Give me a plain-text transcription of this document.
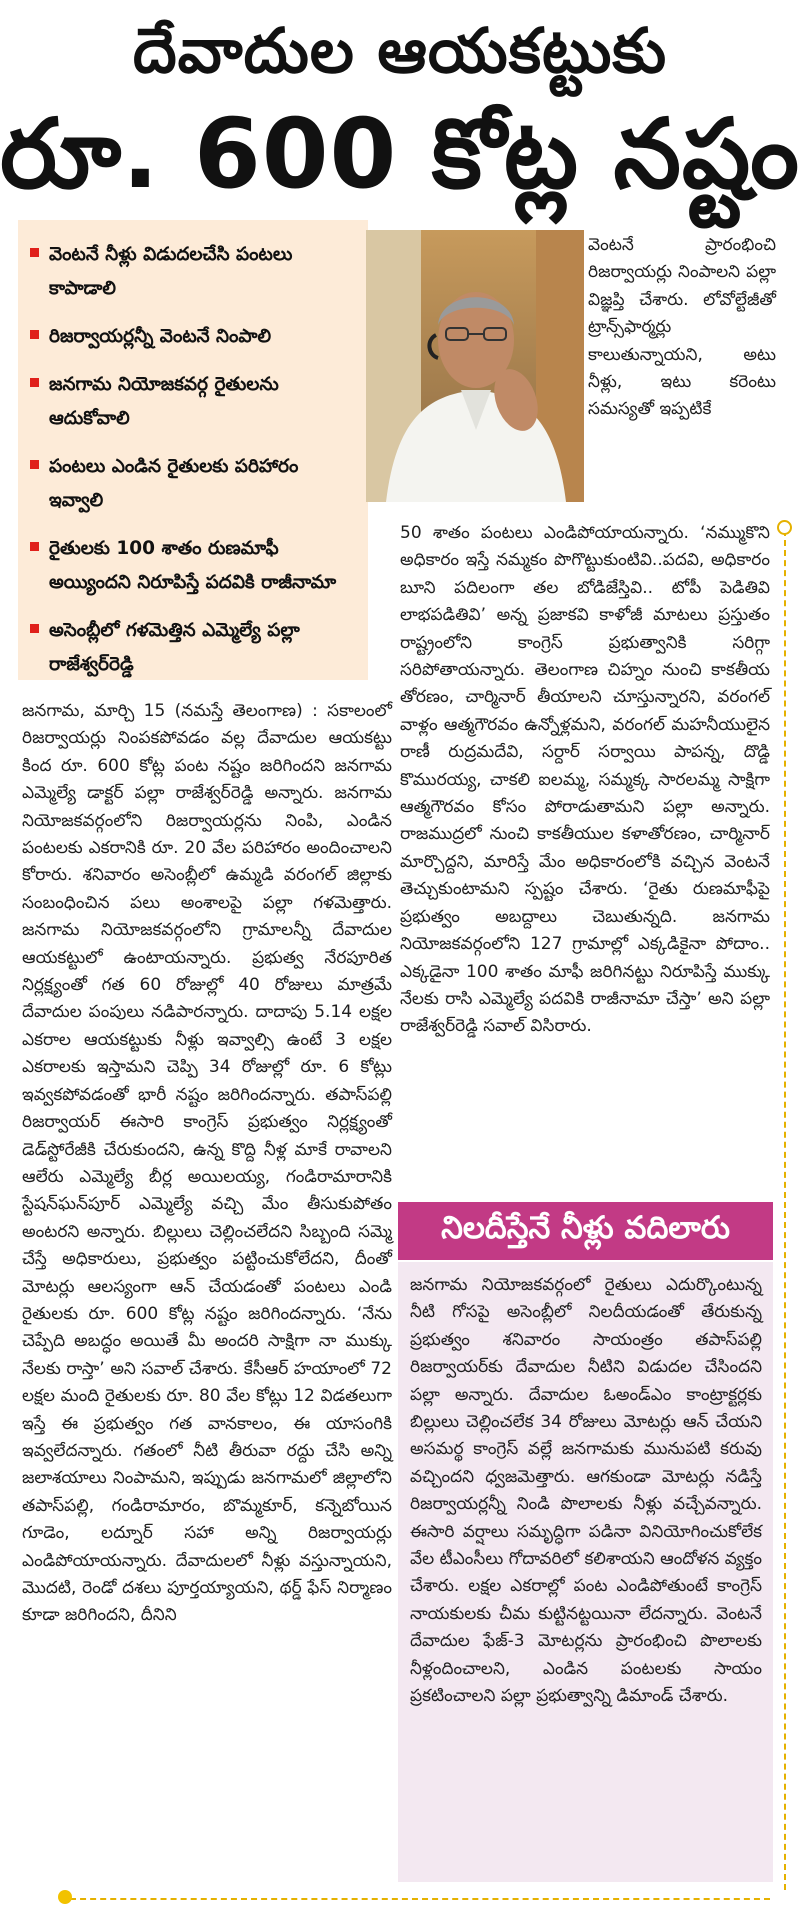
దేవాదుల ఆయకట్టుకు
రూ. 600 కోట్ల నష్టం
వెంటనే నీళ్లు విడుదలచేసి పంటలు కాపాడాలి
రిజర్వాయర్లన్నీ వెంటనే నింపాలి
జనగామ నియోజకవర్గ రైతులను ఆదుకోవాలి
పంటలు ఎండిన రైతులకు పరిహారం ఇవ్వాలి
రైతులకు 100 శాతం రుణమాఫీ అయ్యిందని నిరూపిస్తే పదవికి రాజీనామా
అసెంబ్లీలో గళమెత్తిన ఎమ్మెల్యే పల్లా రాజేశ్వర్‌రెడ్డి

వెంటనే ప్రారంభించి రిజర్వాయర్లు నింపాలని పల్లా విజ్ఞప్తి చేశారు. లోవోల్టేజీతో ట్రాన్స్‌ఫార్మర్లు కాలుతున్నాయని, అటు నీళ్లు, ఇటు కరెంటు సమస్యతో ఇప్పటికే

జనగామ, మార్చి 15 (నమస్తే తెలంగాణ) : సకాలంలో రిజర్వాయర్లు నింపకపోవడం వల్ల దేవాదుల ఆయకట్టు కింద రూ. 600 కోట్ల పంట నష్టం జరిగిందని జనగామ ఎమ్మెల్యే డాక్టర్ పల్లా రాజేశ్వర్‌రెడ్డి అన్నారు. జనగామ నియోజకవర్గంలోని రిజర్వాయర్లను నింపి, ఎండిన పంటలకు ఎకరానికి రూ. 20 వేల పరిహారం అందించాలని కోరారు. శనివారం అసెంబ్లీలో ఉమ్మడి వరంగల్ జిల్లాకు సంబంధించిన పలు అంశాలపై పల్లా గళమెత్తారు. జనగామ నియోజకవర్గంలోని గ్రామాలన్నీ దేవాదుల ఆయకట్టులో ఉంటాయన్నారు. ప్రభుత్వ నేరపూరిత నిర్లక్ష్యంతో గత 60 రోజుల్లో 40 రోజులు మాత్రమే దేవాదుల పంపులు నడిపారన్నారు. దాదాపు 5.14 లక్షల ఎకరాల ఆయకట్టుకు నీళ్లు ఇవ్వాల్సి ఉంటే 3 లక్షల ఎకరాలకు ఇస్తామని చెప్పి 34 రోజుల్లో రూ. 6 కోట్లు ఇవ్వకపోవడంతో భారీ నష్టం జరిగిందన్నారు. తపాస్‌పల్లి రిజర్వాయర్ ఈసారి కాంగ్రెస్ ప్రభుత్వం నిర్లక్ష్యంతో డెడ్‌స్టోరేజీకి చేరుకుందని, ఉన్న కొద్ది నీళ్ల మాకే రావాలని ఆలేరు ఎమ్మెల్యే బీర్ల అయిలయ్య, గండిరామారానికి స్టేషన్‌ఘన్‌పూర్ ఎమ్మెల్యే వచ్చి మేం తీసుకుపోతం అంటరని అన్నారు. బిల్లులు చెల్లించలేదని సిబ్బంది సమ్మె చేస్తే అధికారులు, ప్రభుత్వం పట్టించుకోలేదని, దీంతో మోటర్లు ఆలస్యంగా ఆన్ చేయడంతో పంటలు ఎండి రైతులకు రూ. 600 కోట్ల నష్టం జరిగిందన్నారు. ‘నేను చెప్పేది అబద్ధం అయితే మీ అందరి సాక్షిగా నా ముక్కు నేలకు రాస్తా’ అని సవాల్ చేశారు. కేసీఆర్ హయాంలో 72 లక్షల మంది రైతులకు రూ. 80 వేల కోట్లు 12 విడతలుగా ఇస్తే ఈ ప్రభుత్వం గత వానకాలం, ఈ యాసంగికి ఇవ్వలేదన్నారు. గతంలో నీటి తీరువా రద్దు చేసి అన్ని జలాశయాలు నింపామని, ఇప్పుడు జనగామలో జిల్లాలోని తపాస్‌పల్లి, గండిరామారం, బొమ్మకూర్, కన్నెబోయిన గూడెం, లద్నూర్ సహా అన్ని రిజర్వాయర్లు ఎండిపోయాయన్నారు. దేవాదులలో నీళ్లు వస్తున్నాయని, మొదటి, రెండో దశలు పూర్తయ్యాయని, థర్డ్ ఫేస్ నిర్మాణం కూడా జరిగిందని, దీనిని

50 శాతం పంటలు ఎండిపోయాయన్నారు. ‘నమ్ముకొని అధికారం ఇస్తే నమ్మకం పొగొట్టుకుంటివి..పదవి, అధికారం బూని పదిలంగా తల బోడిజేస్తివి.. టోపీ పెడితివి లాభపడితివి’ అన్న ప్రజాకవి కాళోజీ మాటలు ప్రస్తుతం రాష్ట్రంలోని కాంగ్రెస్ ప్రభుత్వానికి సరిగ్గా సరిపోతాయన్నారు. తెలంగాణ చిహ్నం నుంచి కాకతీయ తోరణం, చార్మినార్ తీయాలని చూస్తున్నారని, వరంగల్ వాళ్లం ఆత్మగౌరవం ఉన్నోళ్లమని, వరంగల్ మహనీయులైన రాణీ రుద్రమదేవి, సర్దార్ సర్వాయి పాపన్న, దొడ్డి కొమురయ్య, చాకలి ఐలమ్మ, సమ్మక్క సారలమ్మ సాక్షిగా ఆత్మగౌరవం కోసం పోరాడుతామని పల్లా అన్నారు. రాజముద్రలో నుంచి కాకతీయుల కళాతోరణం, చార్మినార్ మార్చొద్దని, మారిస్తే మేం అధికారంలోకి వచ్చిన వెంటనే తెచ్చుకుంటామని స్పష్టం చేశారు. ‘రైతు రుణమాఫీపై ప్రభుత్వం అబద్దాలు చెబుతున్నది. జనగామ నియోజకవర్గంలోని 127 గ్రామాల్లో ఎక్కడికైనా పోదాం.. ఎక్కడైనా 100 శాతం మాఫీ జరిగినట్టు నిరూపిస్తే ముక్కు నేలకు రాసి ఎమ్మెల్యే పదవికి రాజీనామా చేస్తా’ అని పల్లా రాజేశ్వర్‌రెడ్డి సవాల్ విసిరారు.

నిలదీస్తేనే నీళ్లు వదిలారు

జనగామ నియోజకవర్గంలో రైతులు ఎదుర్కొంటున్న నీటి గోసపై అసెంబ్లీలో నిలదీయడంతో తేరుకున్న ప్రభుత్వం శనివారం సాయంత్రం తపాస్‌పల్లి రిజర్వాయర్‌కు దేవాదుల నీటిని విడుదల చేసిందని పల్లా అన్నారు. దేవాదుల ఓఅండ్‌ఎం కాంట్రాక్టర్లకు బిల్లులు చెల్లించలేక 34 రోజులు మోటర్లు ఆన్ చేయని అసమర్థ కాంగ్రెస్ వల్లే జనగామకు మునుపటి కరువు వచ్చిందని ధ్వజమెత్తారు. ఆగకుండా మోటర్లు నడిస్తే రిజర్వాయర్లన్నీ నిండి పొలాలకు నీళ్లు వచ్చేవన్నారు. ఈసారి వర్షాలు సమృద్ధిగా పడినా వినియోగించుకోలేక వేల టీఎంసీలు గోదావరిలో కలిశాయని ఆందోళన వ్యక్తం చేశారు. లక్షల ఎకరాల్లో పంట ఎండిపోతుంటే కాంగ్రెస్ నాయకులకు చీమ కుట్టినట్టయినా లేదన్నారు. వెంటనే దేవాదుల ఫేజ్-3 మోటర్లను ప్రారంభించి పొలాలకు నీళ్లందించాలని, ఎండిన పంటలకు సాయం ప్రకటించాలని పల్లా ప్రభుత్వాన్ని డిమాండ్ చేశారు.
